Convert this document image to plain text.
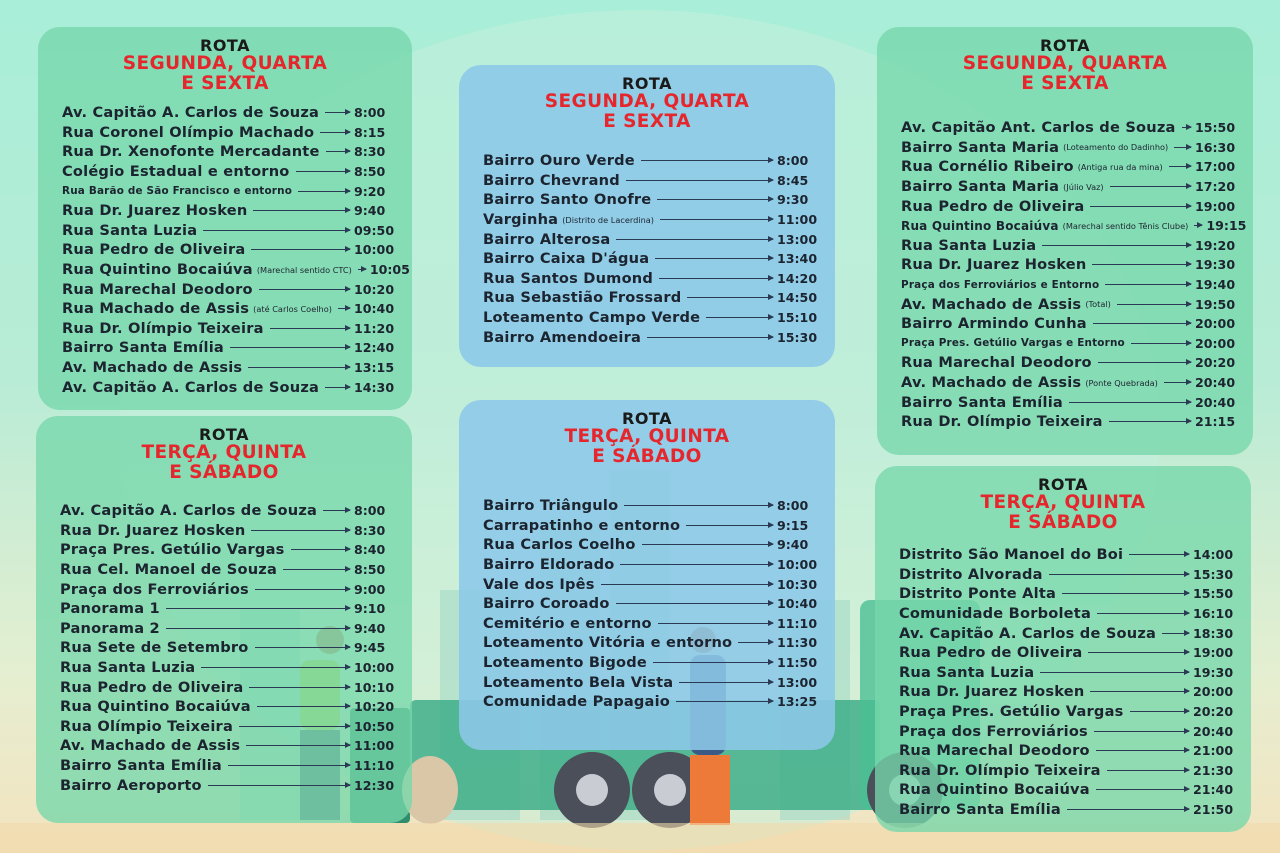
ROTA
SEGUNDA, QUARTA
E SEXTA
Av. Capitão A. Carlos de Souza	8:00
Rua Coronel Olímpio Machado	8:15
Rua Dr. Xenofonte Mercadante	8:30
Colégio Estadual e entorno	8:50
Rua Barão de São Francisco e entorno	9:20
Rua Dr. Juarez Hosken	9:40
Rua Santa Luzia	09:50
Rua Pedro de Oliveira	10:00
Rua Quintino Bocaiúva (Marechal sentido CTC) 10:05
Rua Marechal Deodoro	10:20
Rua Machado de Assis (até Carlos Coelho) 10:40
Rua Dr. Olímpio Teixeira	11:20
Bairro Santa Emília	12:40
Av. Machado de Assis	13:15
Av. Capitão A. Carlos de Souza	14:30
ROTA
SEGUNDA, QUARTA
E SEXTA
Bairro Ouro Verde	8:00
Bairro Chevrand	8:45
Bairro Santo Onofre	9:30
Varginha (Distrito de Lacerdina)	11:00
Bairro Alterosa	13:00
Bairro Caixa D'água	13:40
Rua Santos Dumond	14:20
Rua Sebastião Frossard	14:50
Loteamento Campo Verde	15:10
Bairro Amendoeira	15:30
ROTA
SEGUNDA, QUARTA
E SEXTA
Av. Capitão Ant. Carlos de Souza 15:50
Bairro Santa Maria (Loteamento do Dadinho) 16:30
Rua Cornélio Ribeiro (Antiga rua da mina)	17:00
Bairro Santa Maria (Júlio Vaz)	17:20
Rua Pedro de Oliveira	19:00
Rua Quintino Bocaiúva (Marechal sentido Tênis Clube) 19:15
Rua Santa Luzia	19:20
Rua Dr. Juarez Hosken	19:30
Praça dos Ferroviários e Entorno	19:40
Av. Machado de Assis (Total)	19:50
Bairro Armindo Cunha	20:00
Praça Pres. Getúlio Vargas e Entorno	20:00
Rua Marechal Deodoro	20:20
Av. Machado de Assis (Ponte Quebrada)	20:40
Bairro Santa Emília	20:40
Rua Dr. Olímpio Teixeira	21:15
ROTA
TERÇA, QUINTA
E SÁBADO
Av. Capitão A. Carlos de Souza	8:00
Rua Dr. Juarez Hosken	8:30
Praça Pres. Getúlio Vargas	8:40
Rua Cel. Manoel de Souza	8:50
Praça dos Ferroviários	9:00
Panorama 1	9:10
Panorama 2	9:40
Rua Sete de Setembro	9:45
Rua Santa Luzia	10:00
Rua Pedro de Oliveira	10:10
Rua Quintino Bocaiúva	10:20
Rua Olímpio Teixeira	10:50
Av. Machado de Assis	11:00
Bairro Santa Emília	11:10
Bairro Aeroporto	12:30
ROTA
TERÇA, QUINTA
E SÁBADO
Bairro Triângulo	8:00
Carrapatinho e entorno	9:15
Rua Carlos Coelho	9:40
Bairro Eldorado	10:00
Vale dos Ipês	10:30
Bairro Coroado	10:40
Cemitério e entorno	11:10
Loteamento Vitória e entorno	11:30
Loteamento Bigode	11:50
Loteamento Bela Vista	13:00
Comunidade Papagaio	13:25
ROTA
TERÇA, QUINTA
E SÁBADO
Distrito São Manoel do Boi	14:00
Distrito Alvorada	15:30
Distrito Ponte Alta	15:50
Comunidade Borboleta	16:10
Av. Capitão A. Carlos de Souza	18:30
Rua Pedro de Oliveira	19:00
Rua Santa Luzia	19:30
Rua Dr. Juarez Hosken	20:00
Praça Pres. Getúlio Vargas	20:20
Praça dos Ferroviários	20:40
Rua Marechal Deodoro	21:00
Rua Dr. Olímpio Teixeira	21:30
Rua Quintino Bocaiúva	21:40
Bairro Santa Emília	21:50
